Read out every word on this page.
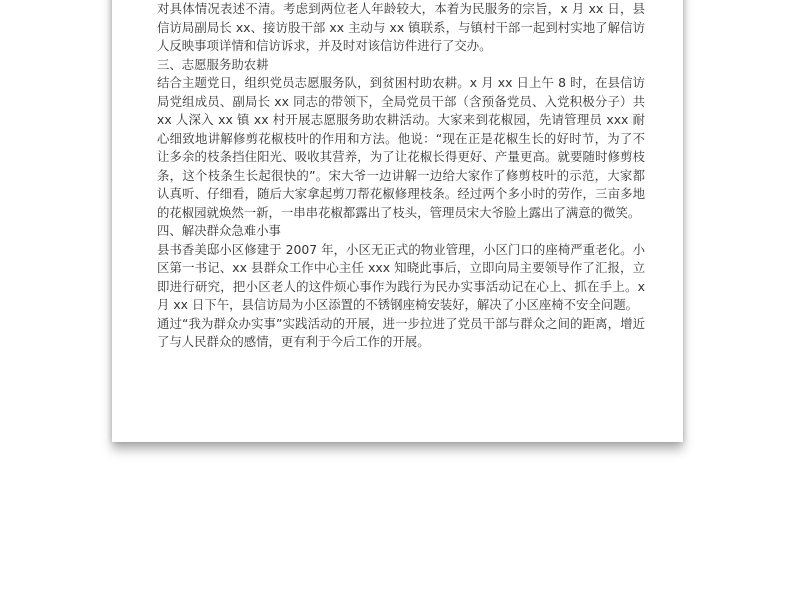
对具体情况表述不清。考虑到两位老人年龄较大，本着为民服务的宗旨，x 月 xx 日，县信访局副局长 xx、接访股干部 xx 主动与 xx 镇联系，与镇村干部一起到村实地了解信访人反映事项详情和信访诉求，并及时对该信访件进行了交办。

三、志愿服务助农耕

结合主题党日，组织党员志愿服务队，到贫困村助农耕。x 月 xx 日上午 8 时，在县信访局党组成员、副局长 xx 同志的带领下，全局党员干部（含预备党员、入党积极分子）共 xx 人深入 xx 镇 xx 村开展志愿服务助农耕活动。大家来到花椒园，先请管理员 xxx 耐心细致地讲解修剪花椒枝叶的作用和方法。他说：“现在正是花椒生长的好时节，为了不让多余的枝条挡住阳光、吸收其营养，为了让花椒长得更好、产量更高。就要随时修剪枝条，这个枝条生长起很快的”。宋大爷一边讲解一边给大家作了修剪枝叶的示范，大家都认真听、仔细看，随后大家拿起剪刀帮花椒修理枝条。经过两个多小时的劳作，三亩多地的花椒园就焕然一新，一串串花椒都露出了枝头，管理员宋大爷脸上露出了满意的微笑。

四、解决群众急难小事

县书香美邸小区修建于 2007 年，小区无正式的物业管理，小区门口的座椅严重老化。小区第一书记、xx 县群众工作中心主任 xxx 知晓此事后，立即向局主要领导作了汇报，立即进行研究，把小区老人的这件烦心事作为践行为民办实事活动记在心上、抓在手上。x 月 xx 日下午，县信访局为小区添置的不锈钢座椅安装好，解决了小区座椅不安全问题。

通过“我为群众办实事”实践活动的开展，进一步拉进了党员干部与群众之间的距离，增近了与人民群众的感情，更有利于今后工作的开展。
